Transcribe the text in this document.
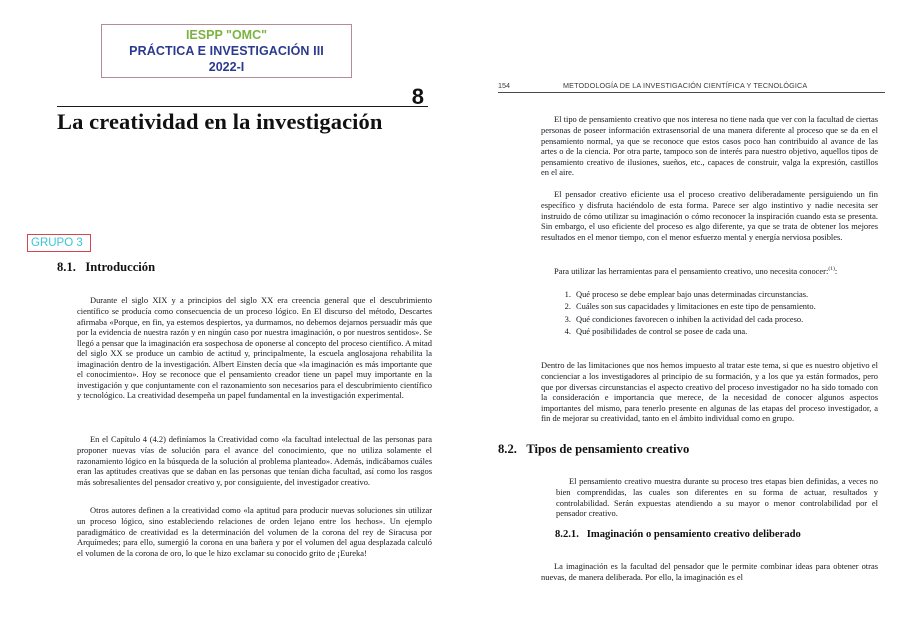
IESPP "OMC"
PRÁCTICA E INVESTIGACIÓN III
2022-I
8
La creatividad en la investigación
GRUPO 3
8.1. Introducción

Durante el siglo XIX y a principios del siglo XX era creencia general que el descubrimiento científico se producía como consecuencia de un proceso lógico. En El discurso del método, Descartes afirmaba «Porque, en fin, ya estemos despiertos, ya durmamos, no debemos dejarnos persuadir más que por la evidencia de nuestra razón y en ningún caso por nuestra imaginación, o por nuestros sentidos». Se llegó a pensar que la imaginación era sospechosa de oponerse al concepto del proceso científico. A mitad del siglo XX se produce un cambio de actitud y, principalmente, la escuela anglosajona rehabilita la imaginación dentro de la investigación. Albert Einsten decía que «la imaginación es más importante que el conocimiento». Hoy se reconoce que el pensamiento creador tiene un papel muy importante en la investigación y que conjuntamente con el razonamiento son necesarios para el descubrimiento científico y tecnológico. La creatividad desempeña un papel fundamental en la investigación experimental.

En el Capítulo 4 (4.2) definíamos la Creatividad como «la facultad intelectual de las personas para proponer nuevas vías de solución para el avance del conocimiento, que no utiliza solamente el razonamiento lógico en la búsqueda de la solución al problema planteado». Además, indicábamos cuáles eran las aptitudes creativas que se daban en las personas que tenían dicha facultad, así como los rasgos más sobresalientes del pensador creativo y, por consiguiente, del investigador creativo.

Otros autores definen a la creatividad como «la aptitud para producir nuevas soluciones sin utilizar un proceso lógico, sino estableciendo relaciones de orden lejano entre los hechos». Un ejemplo paradigmático de creatividad es la determinación del volumen de la corona del rey de Siracusa por Arquímedes; para ello, sumergió la corona en una bañera y por el volumen del agua desplazada calculó el volumen de la corona de oro, lo que le hizo exclamar su conocido grito de ¡Eureka!

154	METODOLOGÍA DE LA INVESTIGACIÓN CIENTÍFICA Y TECNOLÓGICA

El tipo de pensamiento creativo que nos interesa no tiene nada que ver con la facultad de ciertas personas de poseer información extrasensorial de una manera diferente al proceso que se da en el pensamiento normal, ya que se reconoce que estos casos poco han contribuido al avance de las artes o de la ciencia. Por otra parte, tampoco son de interés para nuestro objetivo, aquellos tipos de pensamiento creativo de ilusiones, sueños, etc., capaces de construir, valga la expresión, castillos en el aire.

El pensador creativo eficiente usa el proceso creativo deliberadamente persiguiendo un fin específico y disfruta haciéndolo de esta forma. Parece ser algo instintivo y nadie necesita ser instruido de cómo utilizar su imaginación o cómo reconocer la inspiración cuando esta se presenta. Sin embargo, el uso eficiente del proceso es algo diferente, ya que se trata de obtener los mejores resultados en el menor tiempo, con el menor esfuerzo mental y energía nerviosa posibles.

Para utilizar las herramientas para el pensamiento creativo, uno necesita conocer:$^{(1)}$:

1. Qué proceso se debe emplear bajo unas determinadas circunstancias.
2. Cuáles son sus capacidades y limitaciones en este tipo de pensamiento.
3. Qué condiciones favorecen o inhiben la actividad del cada proceso.
4. Qué posibilidades de control se posee de cada una.

Dentro de las limitaciones que nos hemos impuesto al tratar este tema, si que es nuestro objetivo el concienciar a los investigadores al principio de su formación, y a los que ya están formados, pero que por diversas circunstancias el aspecto creativo del proceso investigador no ha sido tomado con la consideración e importancia que merece, de la necesidad de conocer algunos aspectos importantes del mismo, para tenerlo presente en algunas de las etapas del proceso investigador, a fin de mejorar su creatividad, tanto en el ámbito individual como en grupo.

8.2. Tipos de pensamiento creativo

El pensamiento creativo muestra durante su proceso tres etapas bien definidas, a veces no bien comprendidas, las cuales son diferentes en su forma de actuar, resultados y controlabilidad. Serán expuestas atendiendo a su mayor o menor controlabilidad por el pensador creativo.

8.2.1. Imaginación o pensamiento creativo deliberado

La imaginación es la facultad del pensador que le permite combinar ideas para obtener otras nuevas, de manera deliberada. Por ello, la imaginación es el
